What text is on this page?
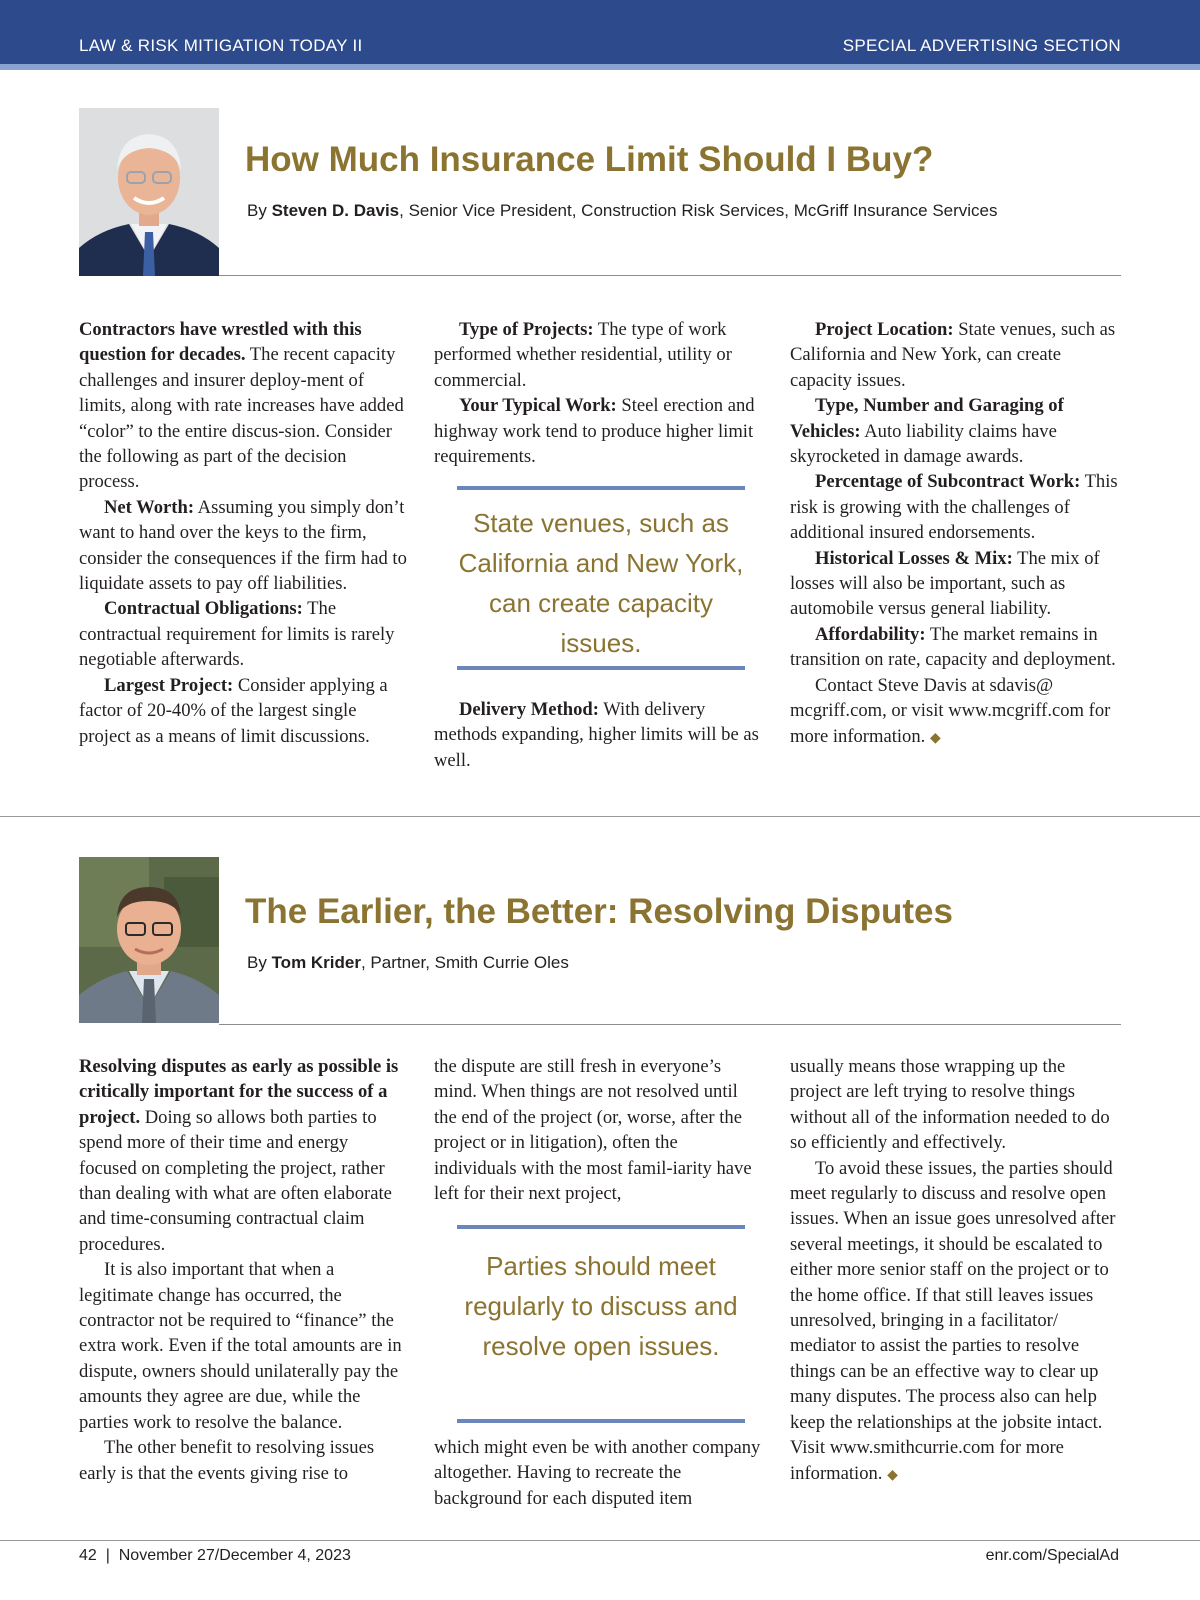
LAW & RISK MITIGATION TODAY II	SPECIAL ADVERTISING SECTION
How Much Insurance Limit Should I Buy?
By Steven D. Davis, Senior Vice President, Construction Risk Services, McGriff Insurance Services

Contractors have wrestled with this question for decades. The recent capacity challenges and insurer deploy-ment of limits, along with rate increases have added “color” to the entire discus-sion. Consider the following as part of the decision process.

Net Worth: Assuming you simply don’t want to hand over the keys to the firm, consider the consequences if the firm had to liquidate assets to pay off liabilities.

Contractual Obligations: The contractual requirement for limits is rarely negotiable afterwards.

Largest Project: Consider applying a factor of 20-40% of the largest single project as a means of limit discussions.

Type of Projects: The type of work performed whether residential, utility or commercial.

Your Typical Work: Steel erection and highway work tend to produce higher limit requirements.

State venues, such as California and New York, can create capacity issues.

Delivery Method: With delivery methods expanding, higher limits will be as well.

Project Location: State venues, such as California and New York, can create capacity issues.

Type, Number and Garaging of Vehicles: Auto liability claims have skyrocketed in damage awards.

Percentage of Subcontract Work: This risk is growing with the challenges of additional insured endorsements.

Historical Losses & Mix: The mix of losses will also be important, such as automobile versus general liability.

Affordability: The market remains in transition on rate, capacity and deployment.

Contact Steve Davis at sdavis@ mcgriff.com, or visit www.mcgriff.com for more information. ◆

The Earlier, the Better: Resolving Disputes
By Tom Krider, Partner, Smith Currie Oles

Resolving disputes as early as possible is critically important for the success of a project. Doing so allows both parties to spend more of their time and energy focused on completing the project, rather than dealing with what are often elaborate and time-consuming contractual claim procedures.

It is also important that when a legitimate change has occurred, the contractor not be required to “finance” the extra work. Even if the total amounts are in dispute, owners should unilaterally pay the amounts they agree are due, while the parties work to resolve the balance.

The other benefit to resolving issues early is that the events giving rise to

the dispute are still fresh in everyone’s mind. When things are not resolved until the end of the project (or, worse, after the project or in litigation), often the individuals with the most famil-iarity have left for their next project,

Parties should meet regularly to discuss and resolve open issues.

which might even be with another company altogether. Having to recreate the background for each disputed item

usually means those wrapping up the project are left trying to resolve things without all of the information needed to do so efficiently and effectively.

To avoid these issues, the parties should meet regularly to discuss and resolve open issues. When an issue goes unresolved after several meetings, it should be escalated to either more senior staff on the project or to the home office. If that still leaves issues unresolved, bringing in a facilitator/ mediator to assist the parties to resolve things can be an effective way to clear up many disputes. The process also can help keep the relationships at the jobsite intact. Visit www.smithcurrie.com for more information. ◆

42  |  November 27/December 4, 2023	enr.com/SpecialAd
